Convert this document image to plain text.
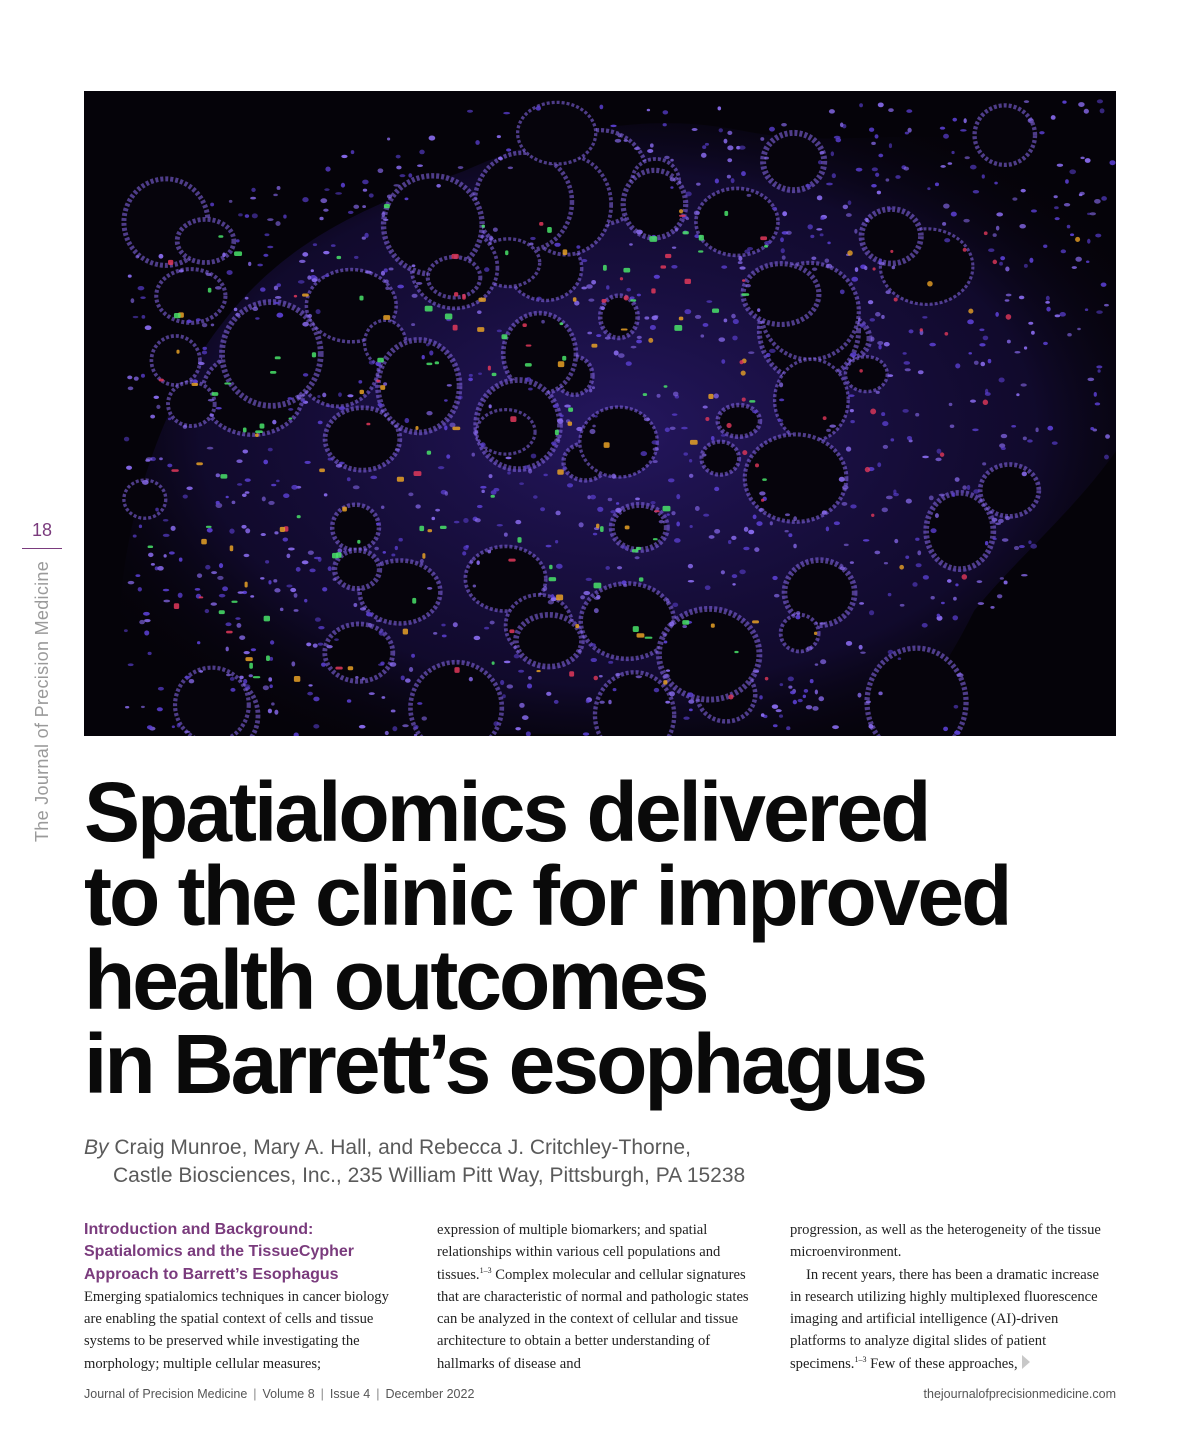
18
The Journal of Precision Medicine Spatialomics delivered
to the clinic for improved
health outcomes
in Barrett’s esophagus
By Craig Munroe, Mary A. Hall, and Rebecca J. Critchley-Thorne,
Castle Biosciences, Inc., 235 William Pitt Way, Pittsburgh, PA 15238
Introduction and Background:
Spatialomics and the TissueCypher
Approach to Barrett’s Esophagus

Emerging spatialomics techniques in cancer biology are enabling the spatial context of cells and tissue systems to be preserved while investigating the morphology; multiple cellular measures;

expression of multiple biomarkers; and spatial relationships within various cell populations and tissues.$^{1-3}$ Complex molecular and cellular signatures that are characteristic of normal and pathologic states can be analyzed in the context of cellular and tissue architecture to obtain a better understanding of hallmarks of disease and

progression, as well as the heterogeneity of the tissue microenvironment.

In recent years, there has been a dramatic increase in research utilizing highly multiplexed fluorescence imaging and artificial intelligence (AI)-driven platforms to analyze digital slides of patient specimens.$^{1-3}$ Few of these approaches,

Journal of Precision Medicine | Volume 8 | Issue 4 | December 2022	thejournalofprecisionmedicine.com
